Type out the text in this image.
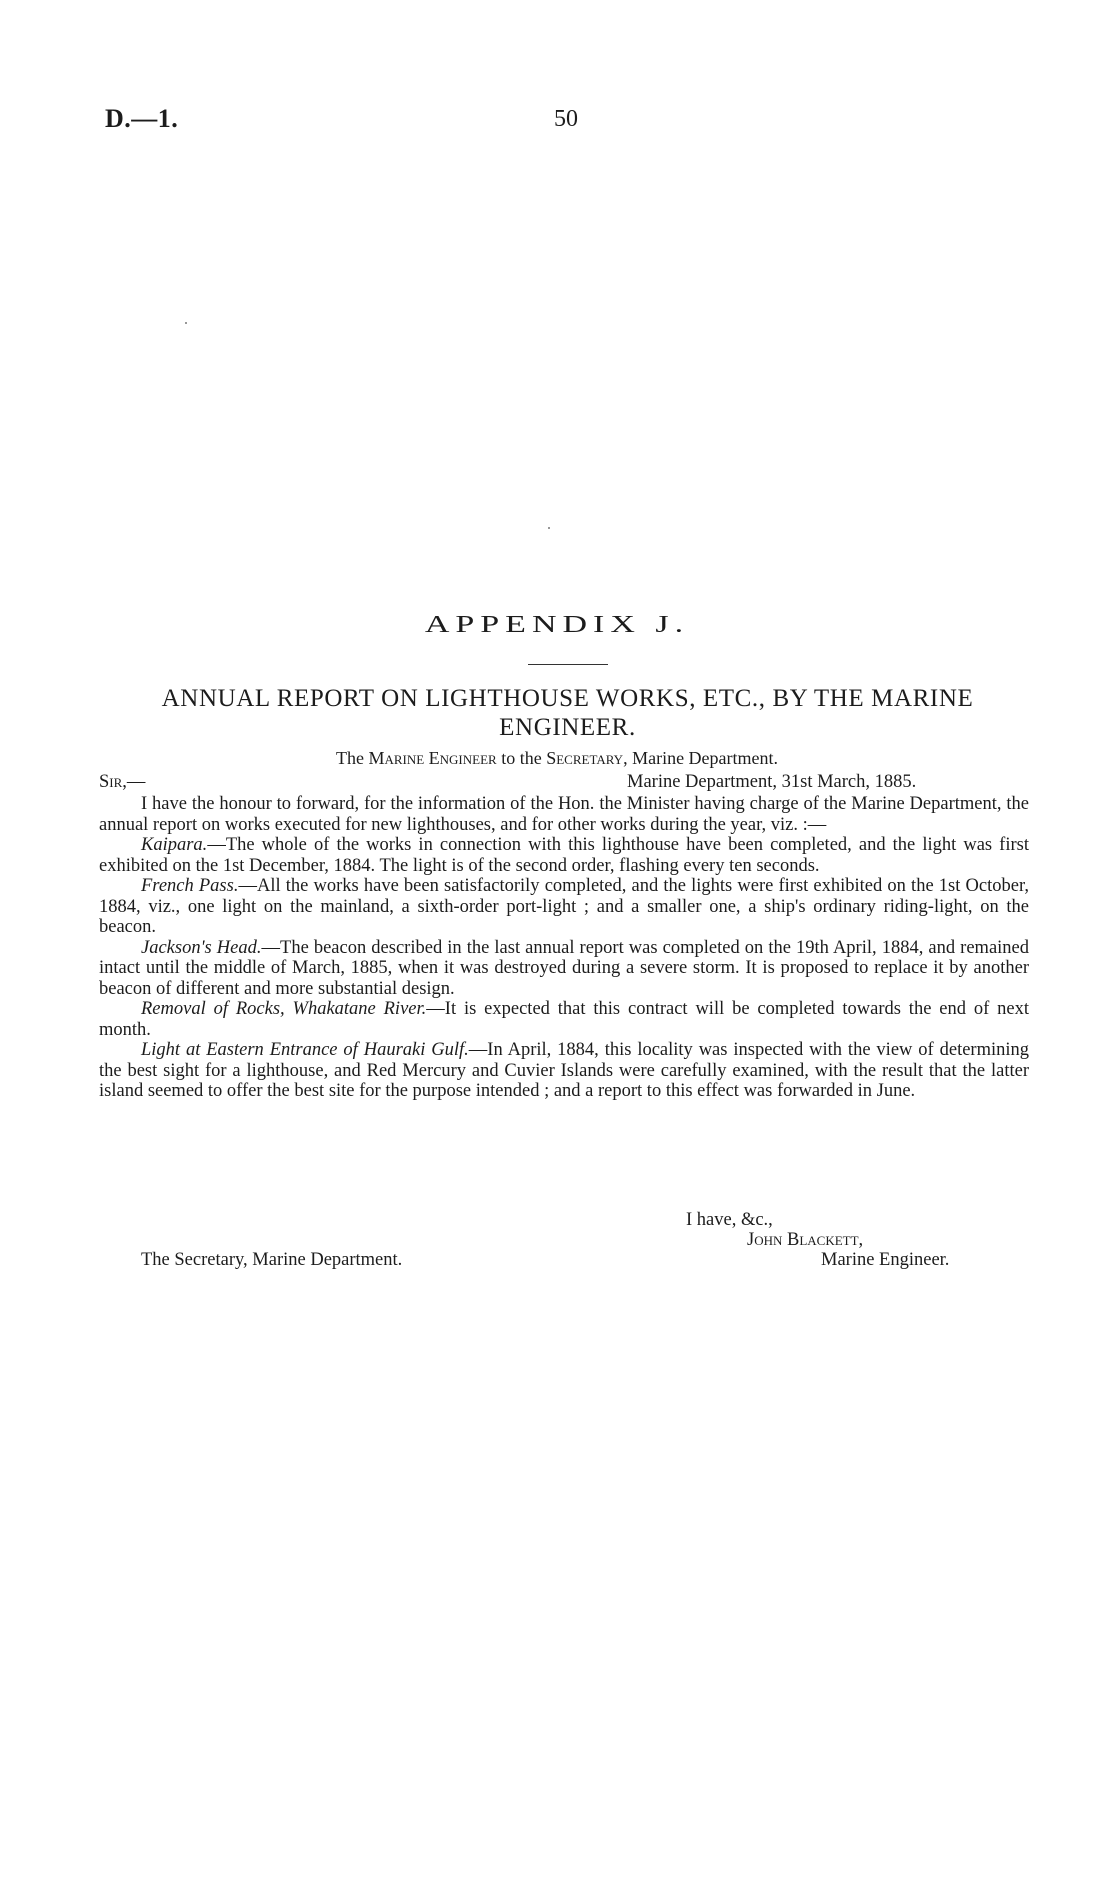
D.—1.	50
APPENDIX J.
ANNUAL REPORT ON LIGHTHOUSE WORKS, ETC., BY THE MARINE ENGINEER.
The Marine Engineer to the Secretary, Marine Department.
Sir,—	Marine Department, 31st March, 1885.

I have the honour to forward, for the information of the Hon. the Minister having charge of the Marine Department, the annual report on works executed for new lighthouses, and for other works during the year, viz. :—

Kaipara.—The whole of the works in connection with this lighthouse have been completed, and the light was first exhibited on the 1st December, 1884. The light is of the second order, flashing every ten seconds.

French Pass.—All the works have been satisfactorily completed, and the lights were first exhibited on the 1st October, 1884, viz., one light on the mainland, a sixth-order port-light ; and a smaller one, a ship's ordinary riding-light, on the beacon.

Jackson's Head.—The beacon described in the last annual report was completed on the 19th April, 1884, and remained intact until the middle of March, 1885, when it was destroyed during a severe storm. It is proposed to replace it by another beacon of different and more substantial design.

Removal of Rocks, Whakatane River.—It is expected that this contract will be completed towards the end of next month.

Light at Eastern Entrance of Hauraki Gulf.—In April, 1884, this locality was inspected with the view of determining the best sight for a lighthouse, and Red Mercury and Cuvier Islands were carefully examined, with the result that the latter island seemed to offer the best site for the purpose intended ; and a report to this effect was forwarded in June.

I have, &c.,
John Blackett,
The Secretary, Marine Department.	Marine Engineer.
